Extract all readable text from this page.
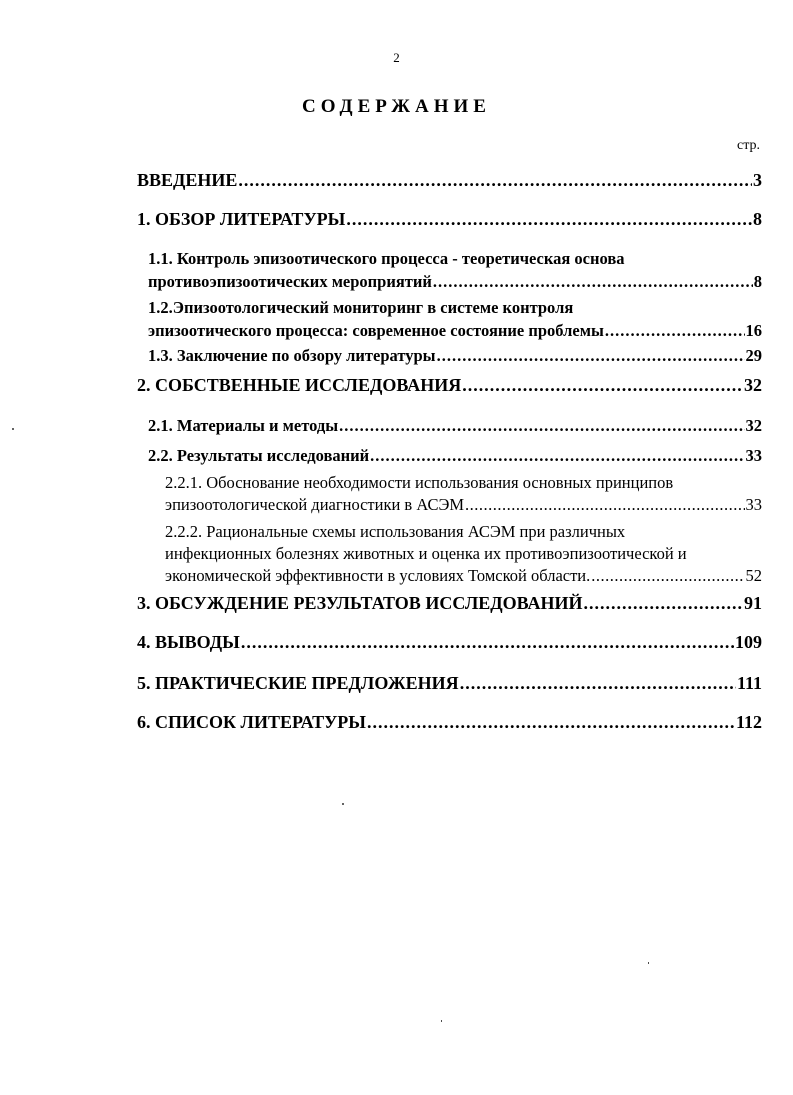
2
СОДЕРЖАНИЕ
стр.
ВВЕДЕНИЕ .....	3
1. ОБЗОР ЛИТЕРАТУРЫ .....	8
1.1. Контроль эпизоотического процесса - теоретическая основа
противоэпизоотических мероприятий .....	8
1.2.Эпизоотологический мониторинг в системе контроля
эпизоотического процесса: современное состояние проблемы .....	16
1.3. Заключение по обзору литературы .....	29
2. СОБСТВЕННЫЕ ИССЛЕДОВАНИЯ .....	32
2.1. Материалы и методы .....	32
2.2. Результаты исследований .....	33
2.2.1. Обоснование необходимости использования основных принципов
эпизоотологической диагностики в АСЭМ .....	33
2.2.2. Рациональные схемы использования АСЭМ при различных
инфекционных болезнях животных и оценка их противоэпизоотической и
экономической эффективности в условиях Томской области. .....	52
3. ОБСУЖДЕНИЕ РЕЗУЛЬТАТОВ ИССЛЕДОВАНИЙ .....	91
4. ВЫВОДЫ .....	109
5. ПРАКТИЧЕСКИЕ ПРЕДЛОЖЕНИЯ .....	111
6. СПИСОК ЛИТЕРАТУРЫ .....	112
